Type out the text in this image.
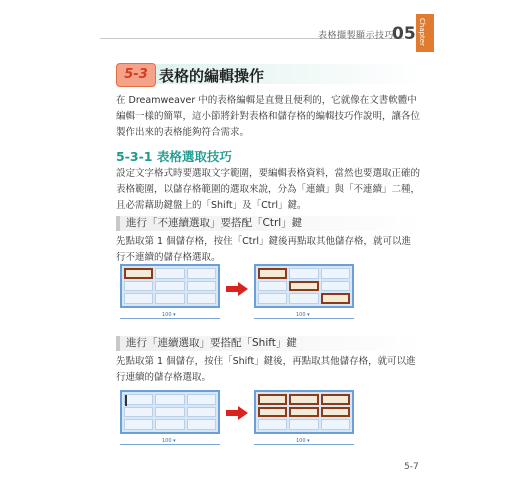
表格擷製顯示技巧
05 Chapter
5-3 表格的編輯操作

在 Dreamweaver 中的表格編輯是直覺且便利的，它就像在文書軟體中編輯一樣的簡單，這小節將針對表格和儲存格的編輯技巧作說明，讓各位製作出來的表格能夠符合需求。

5-3-1 表格選取技巧

設定文字格式時要選取文字範圍，要編輯表格資料，當然也要選取正確的表格範圍，以儲存格範圍的選取來說，分為「連續」與「不連續」二種，且必需藉助鍵盤上的「Shift」及「Ctrl」鍵。

進行「不連續選取」要搭配「Ctrl」鍵

先點取第 1 個儲存格，按住「Ctrl」鍵後再點取其他儲存格，就可以進行不連續的儲存格選取。

100 ▾	100 ▾
進行「連續選取」要搭配「Shift」鍵

先點取第 1 個儲存，按住「Shift」鍵後，再點取其他儲存格，就可以進行連續的儲存格選取。

100 ▾	100 ▾
5-7
